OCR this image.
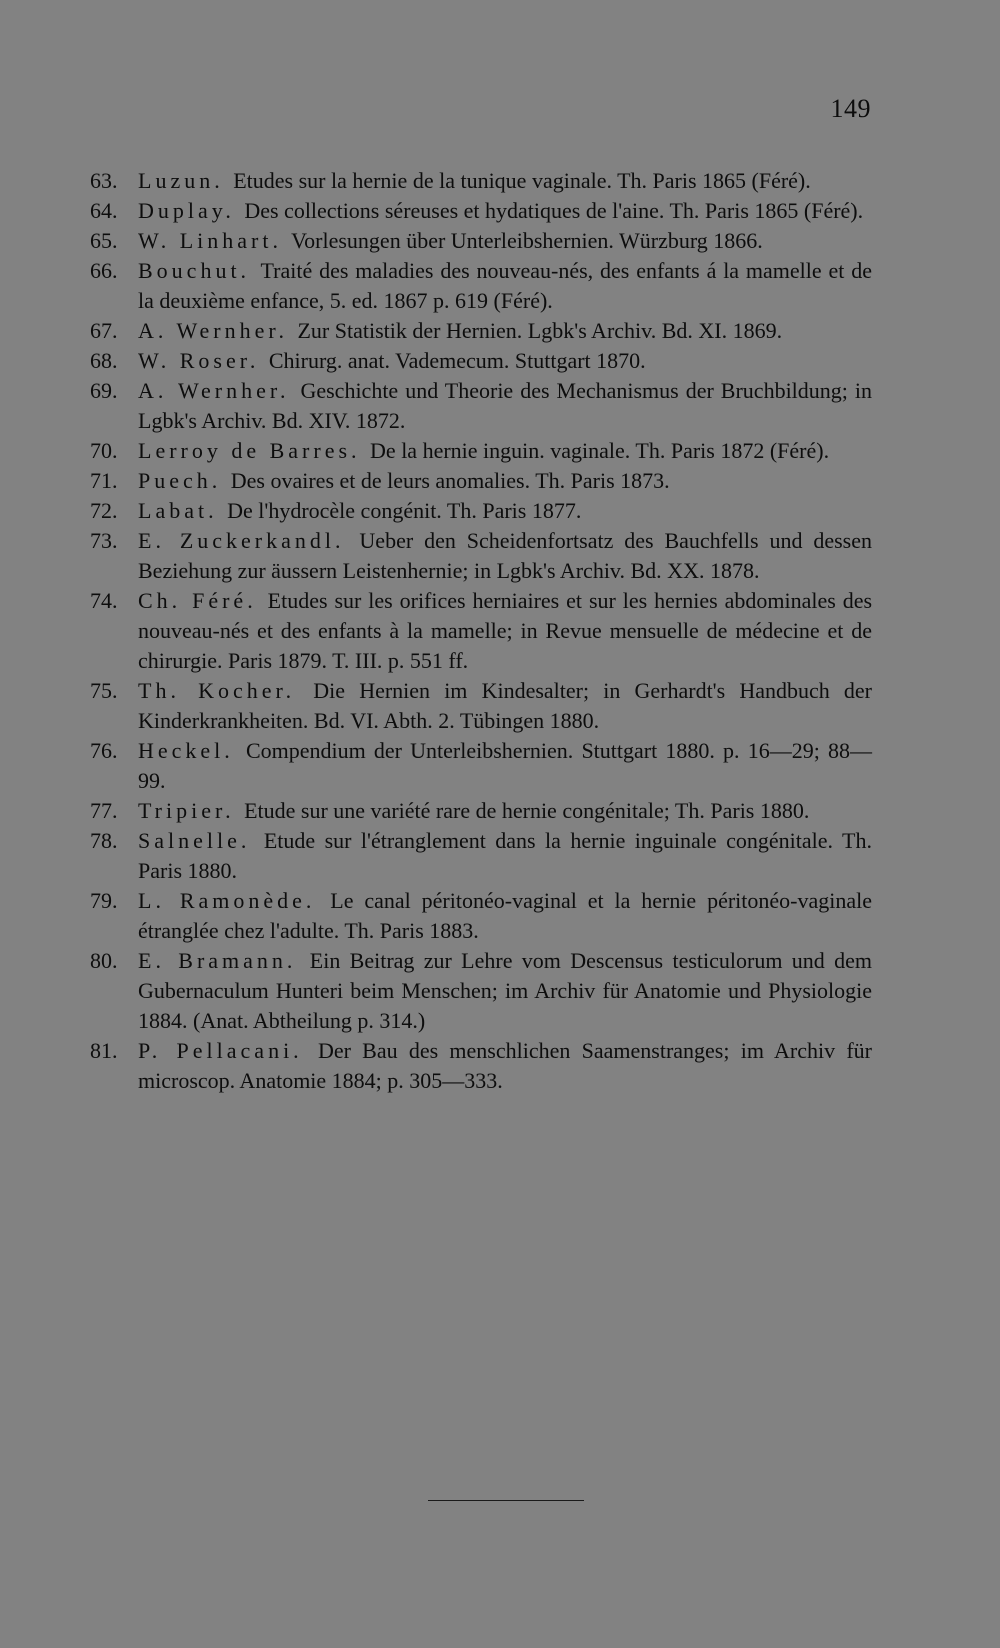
149
63. Luzun. Etudes sur la hernie de la tunique vaginale. Th. Paris 1865 (Féré).
64. Duplay. Des collections séreuses et hydatiques de l'aine. Th. Paris 1865 (Féré).
65. W. Linhart. Vorlesungen über Unterleibshernien. Würzburg 1866.
66. Bouchut. Traité des maladies des nouveau-nés, des enfants á la mamelle et de la deuxième enfance, 5. ed. 1867 p. 619 (Féré).
67. A. Wernher. Zur Statistik der Hernien. Lgbk's Archiv. Bd. XI. 1869.
68. W. Roser. Chirurg. anat. Vademecum. Stuttgart 1870.
69. A. Wernher. Geschichte und Theorie des Mechanismus der Bruchbildung; in Lgbk's Archiv. Bd. XIV. 1872.
70. Lerroy de Barres. De la hernie inguin. vaginale. Th. Paris 1872 (Féré).
71. Puech. Des ovaires et de leurs anomalies. Th. Paris 1873.
72. Labat. De l'hydrocèle congénit. Th. Paris 1877.
73. E. Zuckerkandl. Ueber den Scheidenfortsatz des Bauchfells und dessen Beziehung zur äussern Leistenhernie; in Lgbk's Archiv. Bd. XX. 1878.
74. Ch. Féré. Etudes sur les orifices herniaires et sur les hernies abdominales des nouveau-nés et des enfants à la mamelle; in Revue mensuelle de médecine et de chirurgie. Paris 1879. T. III. p. 551 ff.
75. Th. Kocher. Die Hernien im Kindesalter; in Gerhardt's Handbuch der Kinderkrankheiten. Bd. VI. Abth. 2. Tübingen 1880.
76. Heckel. Compendium der Unterleibshernien. Stuttgart 1880. p. 16—29; 88—99.
77. Tripier. Etude sur une variété rare de hernie congénitale; Th. Paris 1880.
78. Salnelle. Etude sur l'étranglement dans la hernie inguinale congénitale. Th. Paris 1880.
79. L. Ramonède. Le canal péritonéo-vaginal et la hernie péritonéo-vaginale étranglée chez l'adulte. Th. Paris 1883.
80. E. Bramann. Ein Beitrag zur Lehre vom Descensus testiculorum und dem Gubernaculum Hunteri beim Menschen; im Archiv für Anatomie und Physiologie 1884. (Anat. Abtheilung p. 314.)
81. P. Pellacani. Der Bau des menschlichen Saamenstranges; im Archiv für microscop. Anatomie 1884; p. 305—333.
